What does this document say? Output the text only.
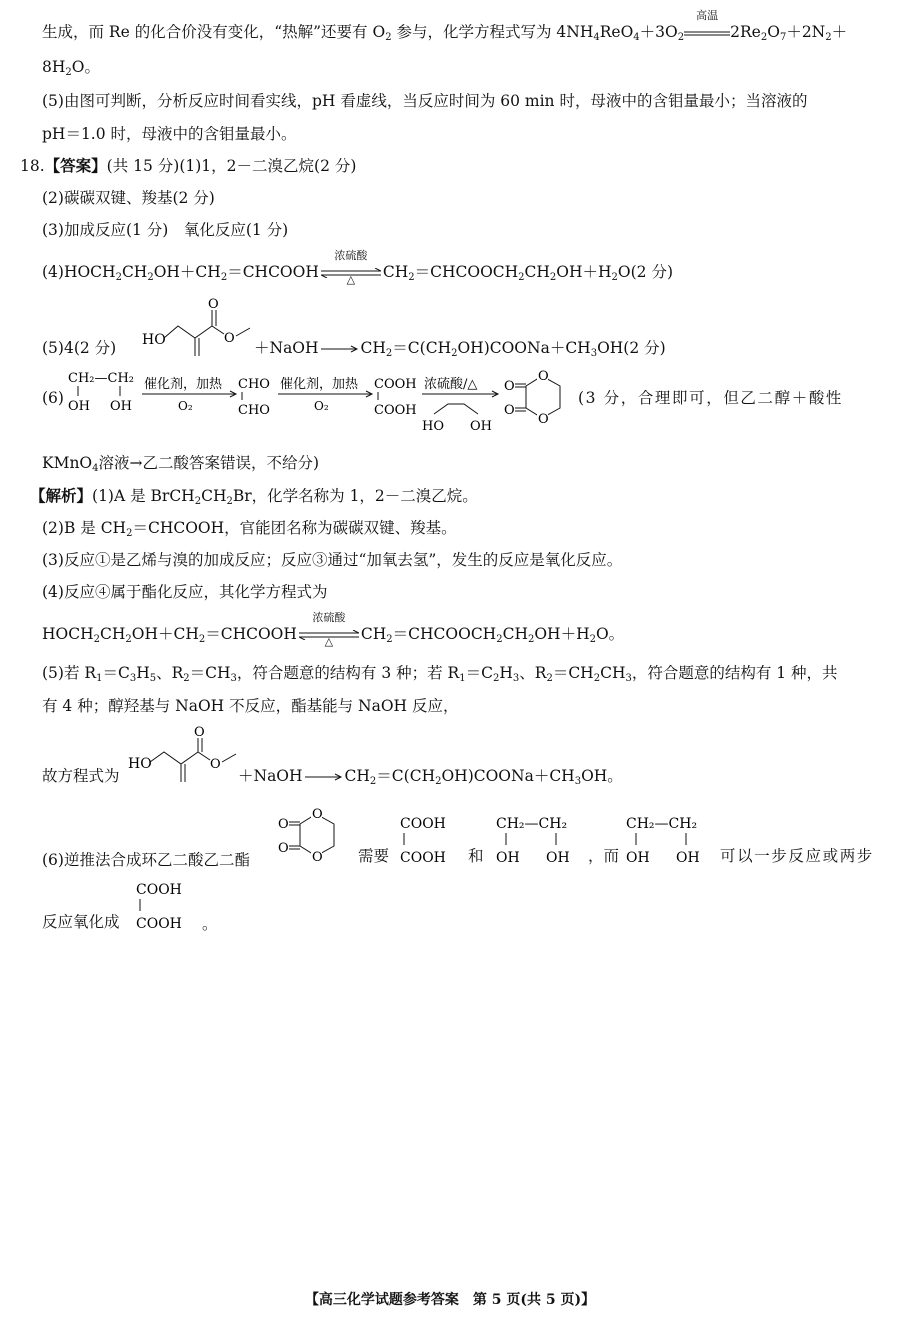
生成，而 Re 的化合价没有变化，“热解”还要有 $O_2$ 参与，化学方程式写为 $4NH_4ReO_4+3O_2$
高温
$2Re_2O_7+2N_2+$
$8H_2O$。
(5)由图可判断，分析反应时间看实线，pH 看虚线，当反应时间为 60 min 时，母液中的含钼量最小；当溶液的
pH＝1.0 时，母液中的含钼量最小。
18.【答案】(共 15 分)(1)1，2－二溴乙烷(2 分)
(2)碳碳双键、羧基(2 分)
(3)加成反应(1 分)　氧化反应(1 分)
$(4)HOCH_2CH_2OH+CH_2=CHCOOH$
浓硫酸
△	$CH_2=CHCOOCH_2CH_2OH+H_2O(2$ 分)
(5)4(2 分) HO
O
O
＋NaOH → $CH_2=C(CH_2OH)COONa+CH_3OH(2$ 分)
(6)
CH₂—CH₂
OH OH
催化剂，加热
O₂
CHO
CHO
催化剂，加热
O₂
COOH
COOH
浓硫酸/△
HO OH
O
O
O
O
(3 分，合理即可，但乙二醇＋酸性
KMnO$_4$溶液→乙二酸答案错误，不给分)
【解析】(1)A 是 $BrCH_2CH_2Br$，化学名称为 1，2－二溴乙烷。
(2)B 是 $CH_2=CHCOOH$，官能团名称为碳碳双键、羧基。
(3)反应①是乙烯与溴的加成反应；反应③通过“加氧去氢”，发生的反应是氧化反应。
(4)反应④属于酯化反应，其化学方程式为
$HOCH_2CH_2OH+CH_2=CHCOOH$
浓硫酸
△	$CH_2=CHCOOCH_2CH_2OH+H_2O$。
(5)若 $R_1=C_3H_5$、$R_2=CH_3$，符合题意的结构有 3 种；若 $R_1=C_2H_3$、$R_2=CH_2CH_3$，符合题意的结构有 1 种，共
有 4 种；醇羟基与 NaOH 不反应，酯基能与 NaOH 反应，
故方程式为
HO
O
O
＋NaOH → $CH_2=C(CH_2OH)COONa+CH_3OH$。
(6)逆推法合成环乙二酸乙二酯
O
O
O
O 需要
COOH
COOH 和
CH₂—CH₂
OH OH ，而
CH₂—CH₂
OH OH 可以一步反应或两步
反应氧化成
COOH
COOH 。
【高三化学试题参考答案　第 5 页(共 5 页)】
